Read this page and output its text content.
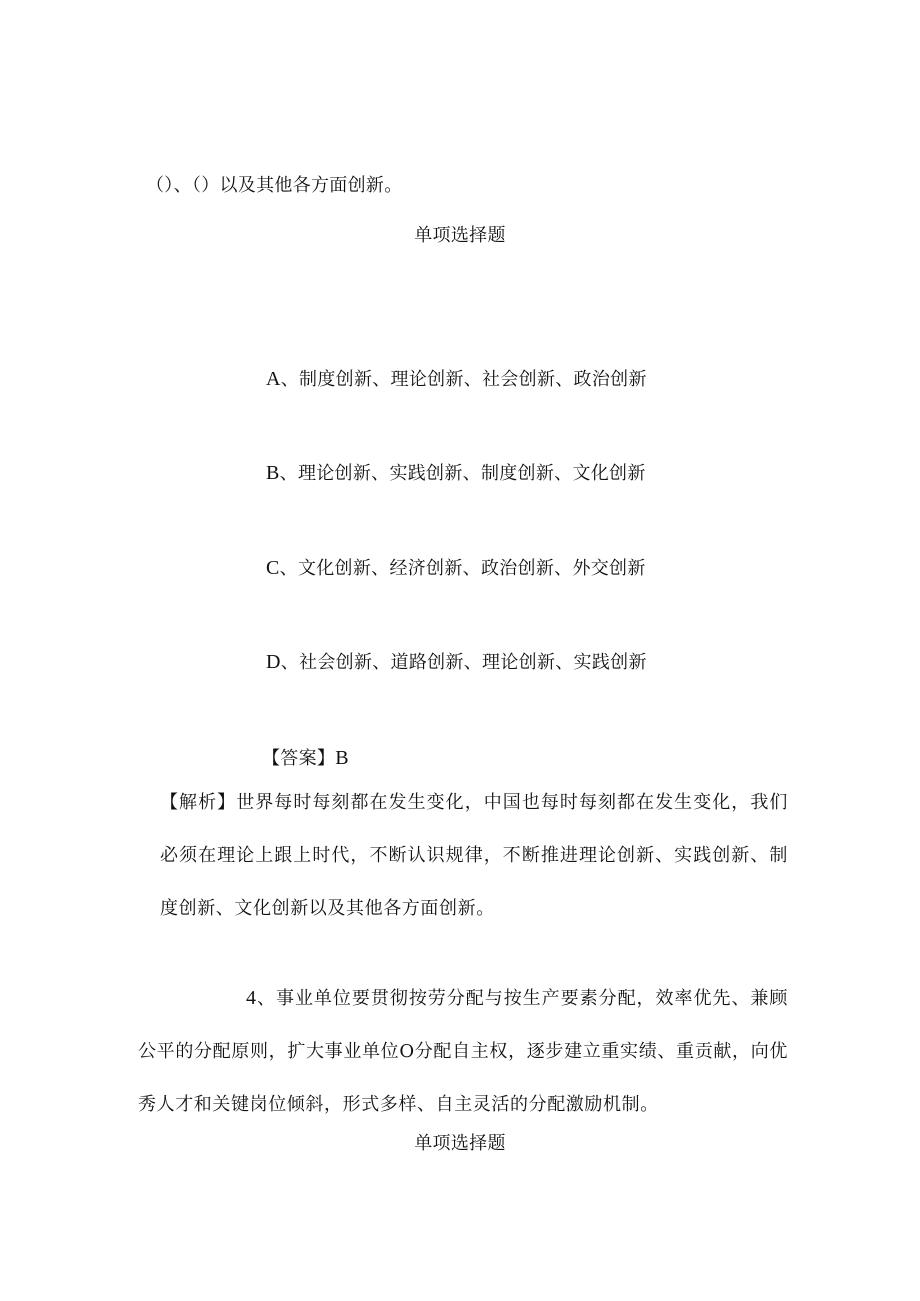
（）、（）以及其他各方面创新。
单项选择题
A、制度创新、理论创新、社会创新、政治创新
B、理论创新、实践创新、制度创新、文化创新
C、文化创新、经济创新、政治创新、外交创新
D、社会创新、道路创新、理论创新、实践创新
【答案】B
【解析】世界每时每刻都在发生变化，中国也每时每刻都在发生变化，我们必须在理论上跟上时代，不断认识规律，不断推进理论创新、实践创新、制度创新、文化创新以及其他各方面创新。
4、事业单位要贯彻按劳分配与按生产要素分配，效率优先、兼顾公平的分配原则，扩大事业单位O分配自主权，逐步建立重实绩、重贡献，向优秀人才和关键岗位倾斜，形式多样、自主灵活的分配激励机制。
单项选择题
